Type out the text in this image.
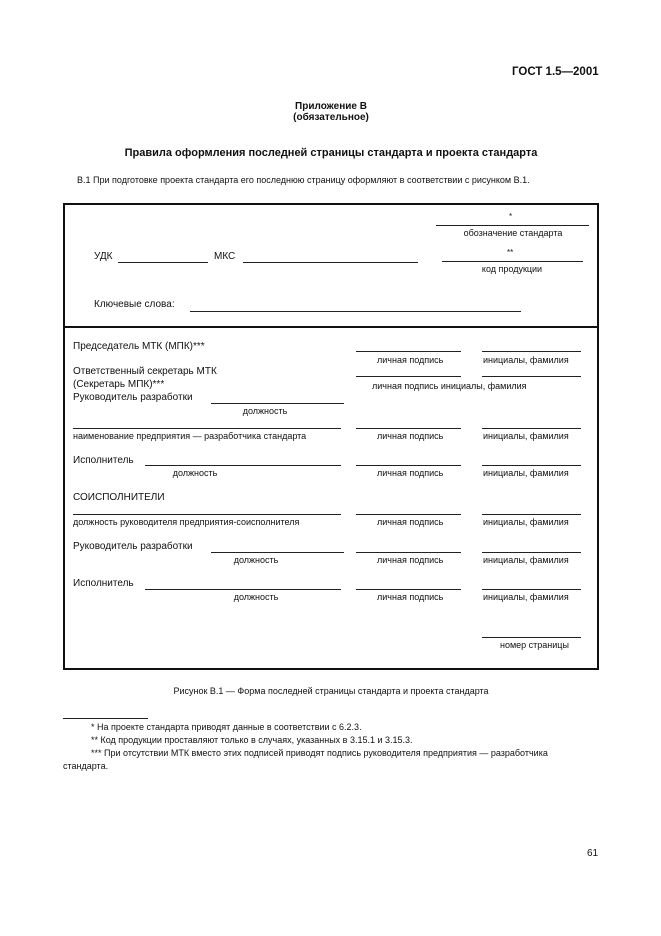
ГОСТ 1.5—2001
Приложение В
(обязательное)
Правила оформления последней страницы стандарта и проекта стандарта
В.1 При подготовке проекта стандарта его последнюю страницу оформляют в соответствии с рисунком В.1.
*
обозначение стандарта
УДК	МКС	**
код продукции
Ключевые слова:
Председатель МТК (МПК)***
личная подпись	инициалы, фамилия
Ответственный секретарь МТК
(Секретарь МПК)***	личная подпись инициалы, фамилия
Руководитель разработки
должность
наименование предприятия — разработчика стандарта	личная подпись	инициалы, фамилия
Исполнитель
должность	личная подпись	инициалы, фамилия
СОИСПОЛНИТЕЛИ
должность руководителя предприятия-соисполнителя	личная подпись	инициалы, фамилия
Руководитель разработки
должность	личная подпись	инициалы, фамилия
Исполнитель
должность	личная подпись	инициалы, фамилия
номер страницы
Рисунок В.1 — Форма последней страницы стандарта и проекта стандарта
* На проекте стандарта приводят данные в соответствии с 6.2.3.
** Код продукции проставляют только в случаях, указанных в 3.15.1 и 3.15.3.
*** При отсутствии МТК вместо этих подписей приводят подпись руководителя предприятия — разработчика
стандарта.
61
